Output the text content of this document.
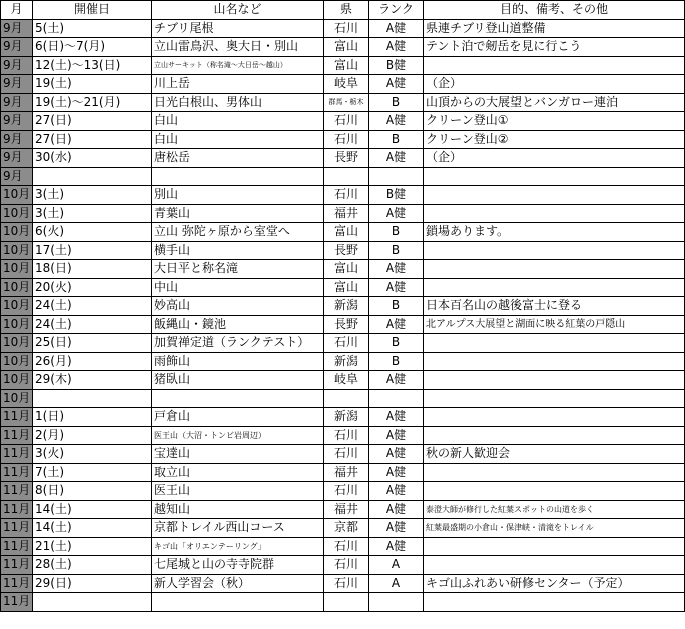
月	開催日	山名など	県	ランク	目的、備考、その他
9月	5(土)	チブリ尾根	石川	A健	県連チブリ登山道整備
9月	6(日)～7(月)	立山雷鳥沢、奥大日・別山	富山	A健	テント泊で剱岳を見に行こう
9月	12(土)～13(日)	立山サーキット（称名滝～大日岳～越山）	富山	B健	
9月	19(土)	川上岳	岐阜	A健	（企）
9月	19(土)～21(月)	日光白根山、男体山	群馬・栃木	B	山頂からの大展望とバンガロー連泊
9月	27(日)	白山	石川	A健	クリーン登山①
9月	27(日)	白山	石川	B	クリーン登山②
9月	30(水)	唐松岳	長野	A健	（企）
9月					
10月	3(土)	別山	石川	B健	
10月	3(土)	青葉山	福井	A健	
10月	6(火)	立山 弥陀ヶ原から室堂へ	富山	B	鎖場あります。
10月	17(土)	横手山	長野	B	
10月	18(日)	大日平と称名滝	富山	A健	
10月	20(火)	中山	富山	A健	
10月	24(土)	妙高山	新潟	B	日本百名山の越後富士に登る
10月	24(土)	飯縄山・鏡池	長野	A健	北アルプス大展望と湖面に映る紅葉の戸隠山
10月	25(日)	加賀禅定道（ランクテスト）	石川	B	
10月	26(月)	雨飾山	新潟	B	
10月	29(木)	猪臥山	岐阜	A健	
10月					
11月	1(日)	戸倉山	新潟	A健	
11月	2(月)	医王山（大沼・トンビ岩周辺）	石川	A健	
11月	3(火)	宝達山	石川	A健	秋の新人歓迎会
11月	7(土)	取立山	福井	A健	
11月	8(日)	医王山	石川	A健	
11月	14(土)	越知山	福井	A健	泰澄大師が修行した紅葉スポットの山道を歩く
11月	14(土)	京都トレイル西山コース	京都	A健	紅葉最盛期の小倉山・保津峡・清滝をトレイル
11月	21(土)	キゴ山「オリエンテーリング」	石川	A健	
11月	28(土)	七尾城と山の寺寺院群	石川	A	
11月	29(日)	新人学習会（秋）	石川	A	キゴ山ふれあい研修センター（予定）
11月					
